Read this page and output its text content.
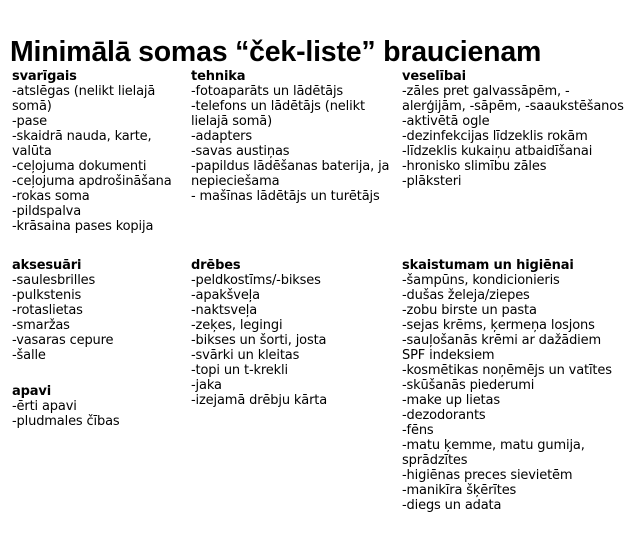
Minimālā somas “ček-liste” braucienam
svarīgais
-atslēgas (nelikt lielajā somā)
-pase
-skaidrā nauda, karte, valūta
-ceļojuma dokumenti
-ceļojuma apdrošināšana
-rokas soma
-pildspalva
-krāsaina pases kopija
tehnika
-fotoaparāts un lādētājs
-telefons un lādētājs (nelikt lielajā somā)
-adapters
-savas austiņas
-papildus lādēšanas baterija, ja nepieciešama
- mašīnas lādētājs un turētājs
veselībai
-zāles pret galvassāpēm, -alerģijām, -sāpēm, -saaukstēšanos
-aktivētā ogle
-dezinfekcijas līdzeklis rokām
-līdzeklis kukaiņu atbaidīšanai
-hronisko slimību zāles
-plāksteri
aksesuāri
-saulesbrilles
-pulkstenis
-rotaslietas
-smaržas
-vasaras cepure
-šalle
apavi
-ērti apavi
-pludmales čības
drēbes
-peldkostīms/-bikses
-apakšveļa
-naktsveļa
-zeķes, legingi
-bikses un šorti, josta
-svārki un kleitas
-topi un t-krekli
-jaka
-izejamā drēbju kārta
skaistumam un higiēnai
-šampūns, kondicionieris
-dušas želeja/ziepes
-zobu birste un pasta
-sejas krēms, ķermeņa losjons
-sauļošanās krēmi ar dažādiem SPF indeksiem
-kosmētikas noņēmējs un vatītes
-skūšanās piederumi
-make up lietas
-dezodorants
-fēns
-matu ķemme, matu gumija, sprādzītes
-higiēnas preces sievietēm
-manikīra šķērītes
-diegs un adata
